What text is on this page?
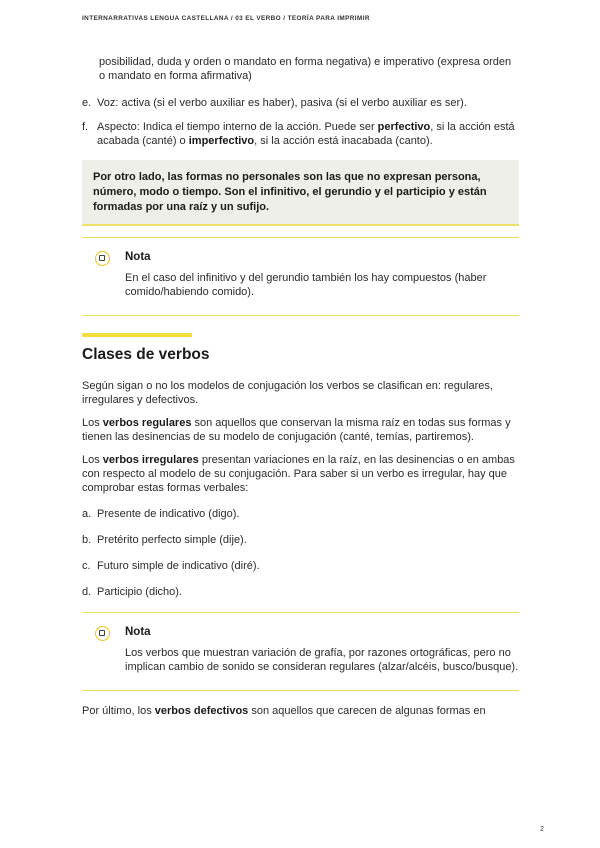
INTERNARRATIVAS LENGUA CASTELLANA / 03 EL VERBO / TEORÍA PARA IMPRIMIR

posibilidad, duda y orden o mandato en forma negativa) e imperativo (expresa orden o mandato en forma afirmativa)

e. Voz: activa (si el verbo auxiliar es haber), pasiva (si el verbo auxiliar es ser).
f. Aspecto: Indica el tiempo interno de la acción. Puede ser perfectivo, si la acción está acabada (canté) o imperfectivo, si la acción está inacabada (canto).
Por otro lado, las formas no personales son las que no expresan persona, número, modo o tiempo. Son el infinitivo, el gerundio y el participio y están formadas por una raíz y un sufijo.
Nota
En el caso del infinitivo y del gerundio también los hay compuestos (haber comido/habiendo comido).
Clases de verbos

Según sigan o no los modelos de conjugación los verbos se clasifican en: regulares, irregulares y defectivos.

Los verbos regulares son aquellos que conservan la misma raíz en todas sus formas y tienen las desinencias de su modelo de conjugación (canté, temías, partiremos).

Los verbos irregulares presentan variaciones en la raíz, en las desinencias o en ambas con respecto al modelo de su conjugación. Para saber si un verbo es irregular, hay que comprobar estas formas verbales:

a. Presente de indicativo (digo).
b. Pretérito perfecto simple (dije).
c. Futuro simple de indicativo (diré).
d. Participio (dicho).
Nota
Los verbos que muestran variación de grafía, por razones ortográficas, pero no implican cambio de sonido se consideran regulares (alzar/alcéis, busco/busque).

Por último, los verbos defectivos son aquellos que carecen de algunas formas en

2
